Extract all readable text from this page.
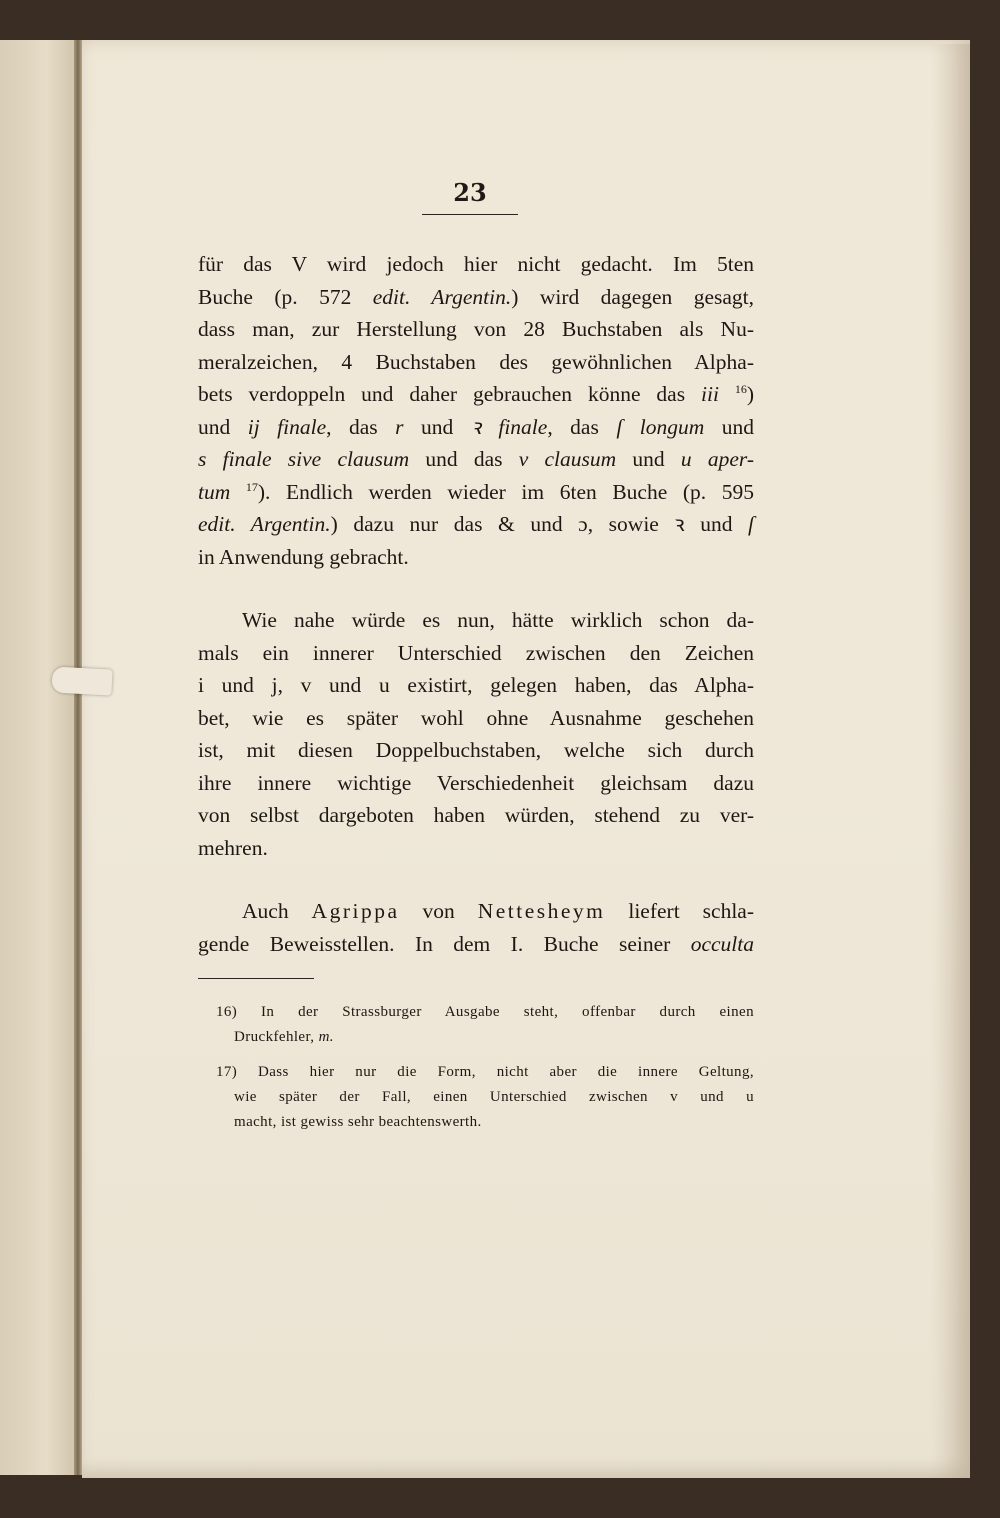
23
für das V wird jedoch hier nicht gedacht. Im 5ten
Buche (p. 572 edit. Argentin.) wird dagegen gesagt,
dass man, zur Herstellung von 28 Buchstaben als Nu-
meralzeichen, 4 Buchstaben des gewöhnlichen Alpha-
bets verdoppeln und daher gebrauchen könne das iii $^{16}$)
und ij finale, das r und ꝛ finale, das ſ longum und
s finale sive clausum und das v clausum und u aper-
tum $^{17}$). Endlich werden wieder im 6ten Buche (p. 595
edit. Argentin.) dazu nur das & und ɔ, sowie ꝛ und ſ
in Anwendung gebracht.
Wie nahe würde es nun, hätte wirklich schon da-
mals ein innerer Unterschied zwischen den Zeichen
i und j, v und u existirt, gelegen haben, das Alpha-
bet, wie es später wohl ohne Ausnahme geschehen
ist, mit diesen Doppelbuchstaben, welche sich durch
ihre innere wichtige Verschiedenheit gleichsam dazu
von selbst dargeboten haben würden, stehend zu ver-
mehren.
Auch Agrippa von Nettesheym liefert schla-
gende Beweisstellen. In dem I. Buche seiner occulta
16) In der Strassburger Ausgabe steht, offenbar durch einen
Druckfehler, m.
17) Dass hier nur die Form, nicht aber die innere Geltung,
wie später der Fall, einen Unterschied zwischen v und u
macht, ist gewiss sehr beachtenswerth.
